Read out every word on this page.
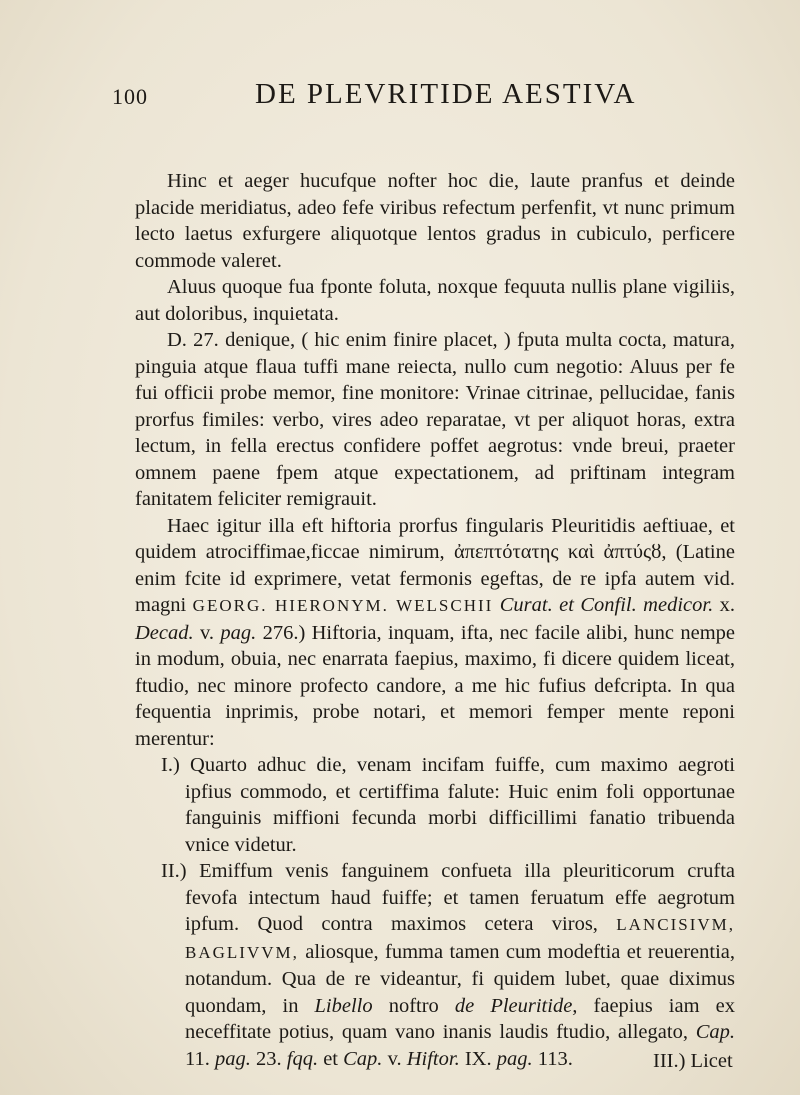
100	DE PLEVRITIDE AESTIVA

Hinc et aeger hucufque nofter hoc die, laute pranfus et deinde placide meridiatus, adeo fefe viribus refectum perfenfit, vt nunc primum lecto laetus exfurgere aliquotque lentos gradus in cubiculo, perficere commode valeret.

Aluus quoque fua fponte foluta, noxque fequuta nullis plane vigiliis, aut doloribus, inquietata.

D. 27. denique, ( hic enim finire placet, ) fputa multa cocta, matura, pinguia atque flaua tuffi mane reiecta, nullo cum negotio: Aluus per fe fui officii probe memor, fine monitore: Vrinae citrinae, pellucidae, fanis prorfus fimiles: verbo, vires adeo reparatae, vt per aliquot horas, extra lectum, in fella erectus confidere poffet aegrotus: vnde breui, praeter omnem paene fpem atque expectationem, ad priftinam integram fanitatem feliciter remigrauit.

Haec igitur illa eft hiftoria prorfus fingularis Pleuritidis aeftiuae, et quidem atrociffimae,ficcae nimirum, ἀπεπτότατης καὶ ἀπτύςȣ, (Latine enim fcite id exprimere, vetat fermonis egeftas, de re ipfa autem vid. magni GEORG. HIERONYM. WELSCHII Curat. et Confil. medicor. x. Decad. v. pag. 276.) Hiftoria, inquam, ifta, nec facile alibi, hunc nempe in modum, obuia, nec enarrata faepius, maximo, fi dicere quidem liceat, ftudio, nec minore profecto candore, a me hic fufius defcripta. In qua fequentia inprimis, probe notari, et memori femper mente reponi merentur:

I.) Quarto adhuc die, venam incifam fuiffe, cum maximo aegroti ipfius commodo, et certiffima falute: Huic enim foli opportunae fanguinis miffioni fecunda morbi difficillimi fanatio tribuenda vnice videtur.

II.) Emiffum venis fanguinem confueta illa pleuriticorum crufta fevofa intectum haud fuiffe; et tamen feruatum effe aegrotum ipfum. Quod contra maximos cetera viros, LANCISIVM, BAGLIVVM, aliosque, fumma tamen cum modeftia et reuerentia, notandum. Qua de re videantur, fi quidem lubet, quae diximus quondam, in Libello noftro de Pleuritide, faepius iam ex neceffitate potius, quam vano inanis laudis ftudio, allegato, Cap. 11. pag. 23. fqq. et Cap. v. Hiftor. IX. pag. 113.	III.) Licet
